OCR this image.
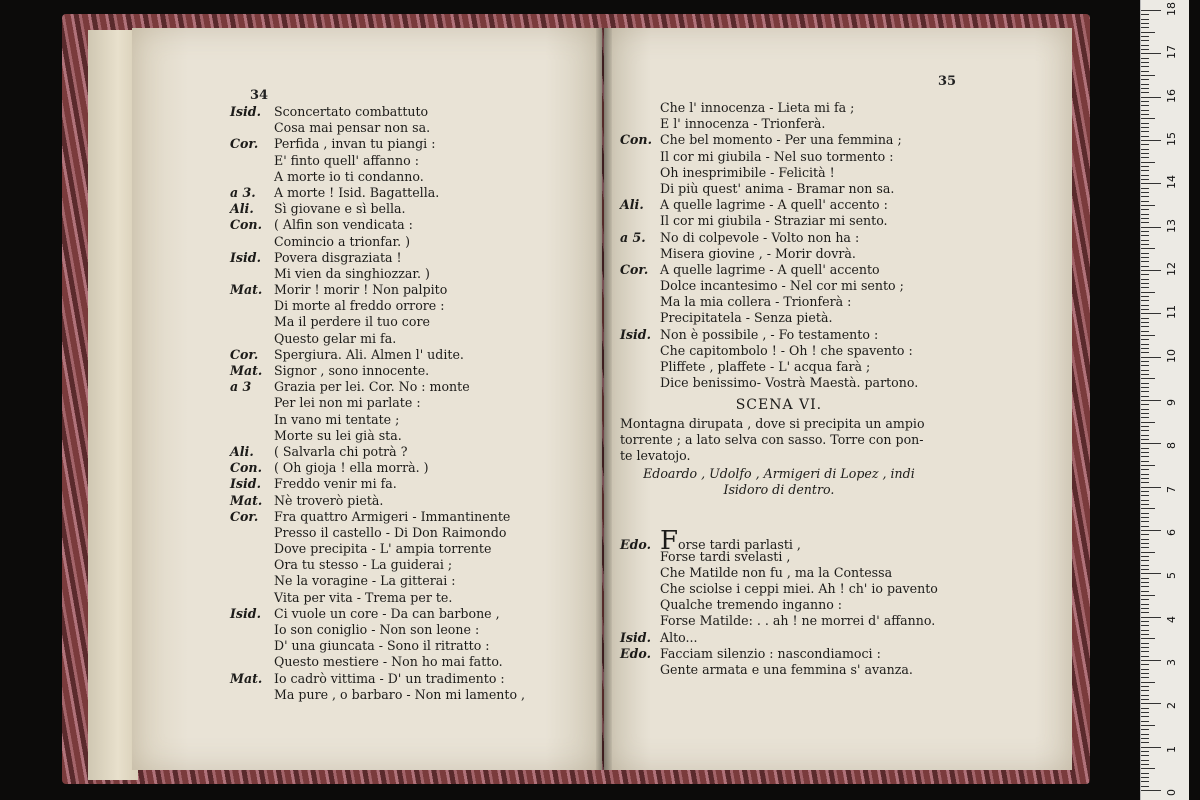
34
Isid. Sconcertato combattuto
Cosa mai pensar non sa.
Cor. Perfida , invan tu piangi :
E' finto quell' affanno :
A morte io ti condanno.
a 3. A morte ! Isid. Bagattella.
Ali. Sì giovane e sì bella.
Con. ( Alfin son vendicata :
Comincio a trionfar. )
Isid. Povera disgraziata !
Mi vien da singhiozzar. )
Mat. Morir ! morir ! Non palpito
Di morte al freddo orrore :
Ma il perdere il tuo core
Questo gelar mi fa.
Cor. Spergiura. Ali. Almen l' udite.
Mat. Signor , sono innocente.
a 3 Grazia per lei. Cor. No : monte
Per lei non mi parlate :
In vano mi tentate ;
Morte su lei già sta.
Ali. ( Salvarla chi potrà ?
Con. ( Oh gioja ! ella morrà. )
Isid. Freddo venir mi fa.
Mat. Nè troverò pietà.
Cor. Fra quattro Armigeri - Immantinente
Presso il castello - Di Don Raimondo
Dove precipita - L' ampia torrente
Ora tu stesso - La guiderai ;
Ne la voragine - La gitterai :
Vita per vita - Trema per te.
Isid. Ci vuole un core - Da can barbone ,
Io son coniglio - Non son leone :
D' una giuncata - Sono il ritratto :
Questo mestiere - Non ho mai fatto.
Mat. Io cadrò vittima - D' un tradimento :
Ma pure , o barbaro - Non mi lamento ,
35
Che l' innocenza - Lieta mi fa ;
E l' innocenza - Trionferà.
Con. Che bel momento - Per una femmina ;
Il cor mi giubila - Nel suo tormento :
Oh inesprimibile - Felicità !
Di più quest' anima - Bramar non sa.
Ali. A quelle lagrime - A quell' accento :
Il cor mi giubila - Straziar mi sento.
a 5. No di colpevole - Volto non ha :
Misera giovine , - Morir dovrà.
Cor. A quelle lagrime - A quell' accento
Dolce incantesimo - Nel cor mi sento ;
Ma la mia collera - Trionferà :
Precipitatela - Senza pietà.
Isid. Non è possibile , - Fo testamento :
Che capitombolo ! - Oh ! che spavento :
Pliffete , plaffete - L' acqua farà ;
Dice benissimo- Vostrà Maestà. partono.
SCENA VI.
Montagna dirupata , dove si precipita un ampio
torrente ; a lato selva con sasso. Torre con pon-
te levatojo.
Edoardo , Udolfo , Armigeri di Lopez , indi
Isidoro di dentro.
Edo. Forse tardi parlasti ,
Forse tardi svelasti ,
Che Matilde non fu , ma la Contessa
Che sciolse i ceppi miei. Ah ! ch' io pavento
Qualche tremendo inganno :
Forse Matilde: . . ah ! ne morrei d' affanno.
Isid. Alto...
Edo. Facciam silenzio : nascondiamoci :
Gente armata e una femmina s' avanza.
0
1
2
3
4
5
6
7
8
9
10
11
12
13
14
15
16
17
18
